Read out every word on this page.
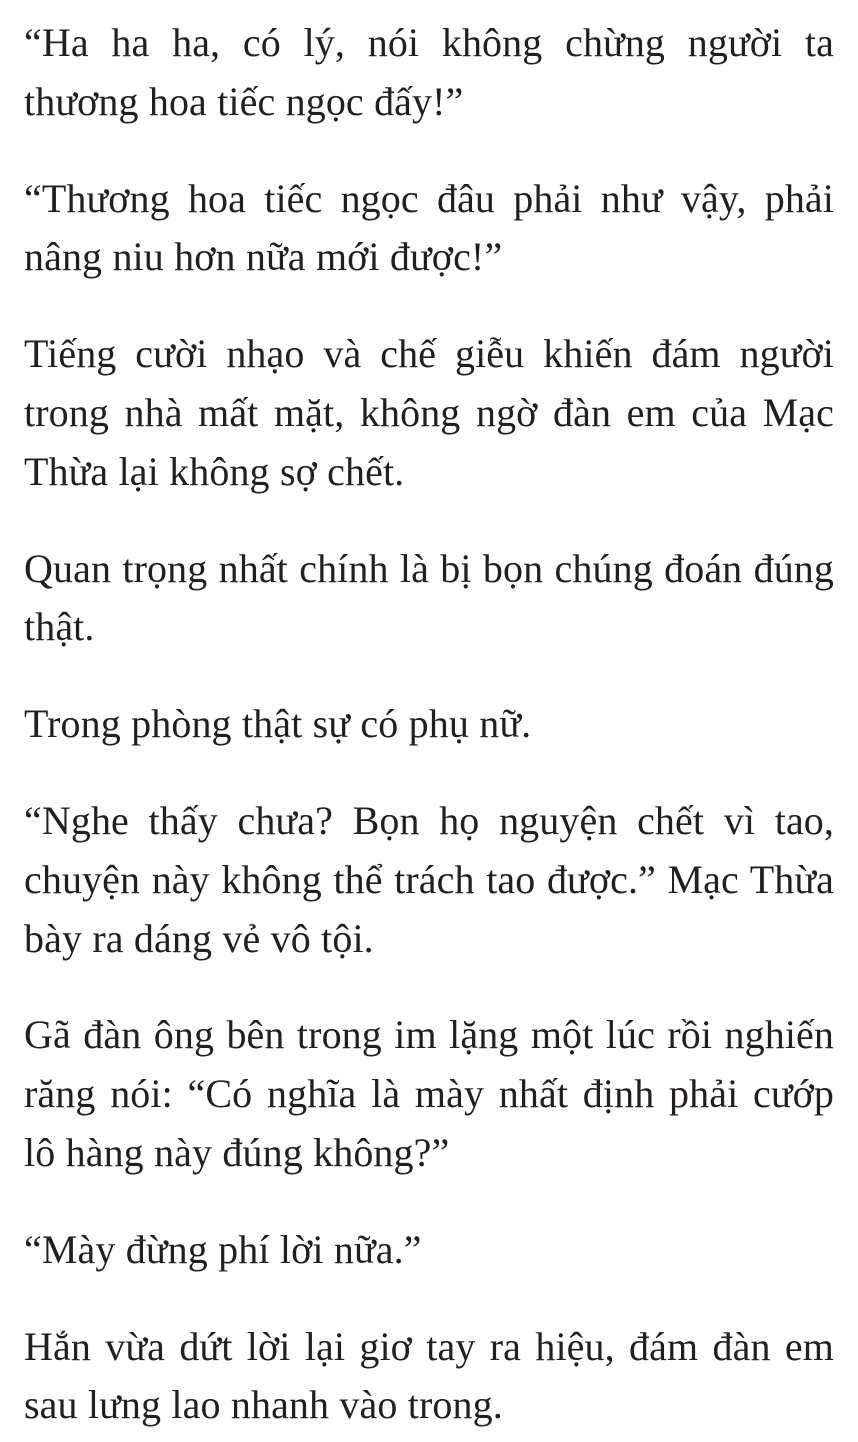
“Ha ha ha, có lý, nói không chừng người ta thương hoa tiếc ngọc đấy!”

“Thương hoa tiếc ngọc đâu phải như vậy, phải nâng niu hơn nữa mới được!”

Tiếng cười nhạo và chế giễu khiến đám người trong nhà mất mặt, không ngờ đàn em của Mạc Thừa lại không sợ chết.

Quan trọng nhất chính là bị bọn chúng đoán đúng thật.

Trong phòng thật sự có phụ nữ.

“Nghe thấy chưa? Bọn họ nguyện chết vì tao, chuyện này không thể trách tao được.” Mạc Thừa bày ra dáng vẻ vô tội.

Gã đàn ông bên trong im lặng một lúc rồi nghiến răng nói: “Có nghĩa là mày nhất định phải cướp lô hàng này đúng không?”

“Mày đừng phí lời nữa.”

Hắn vừa dứt lời lại giơ tay ra hiệu, đám đàn em sau lưng lao nhanh vào trong.
